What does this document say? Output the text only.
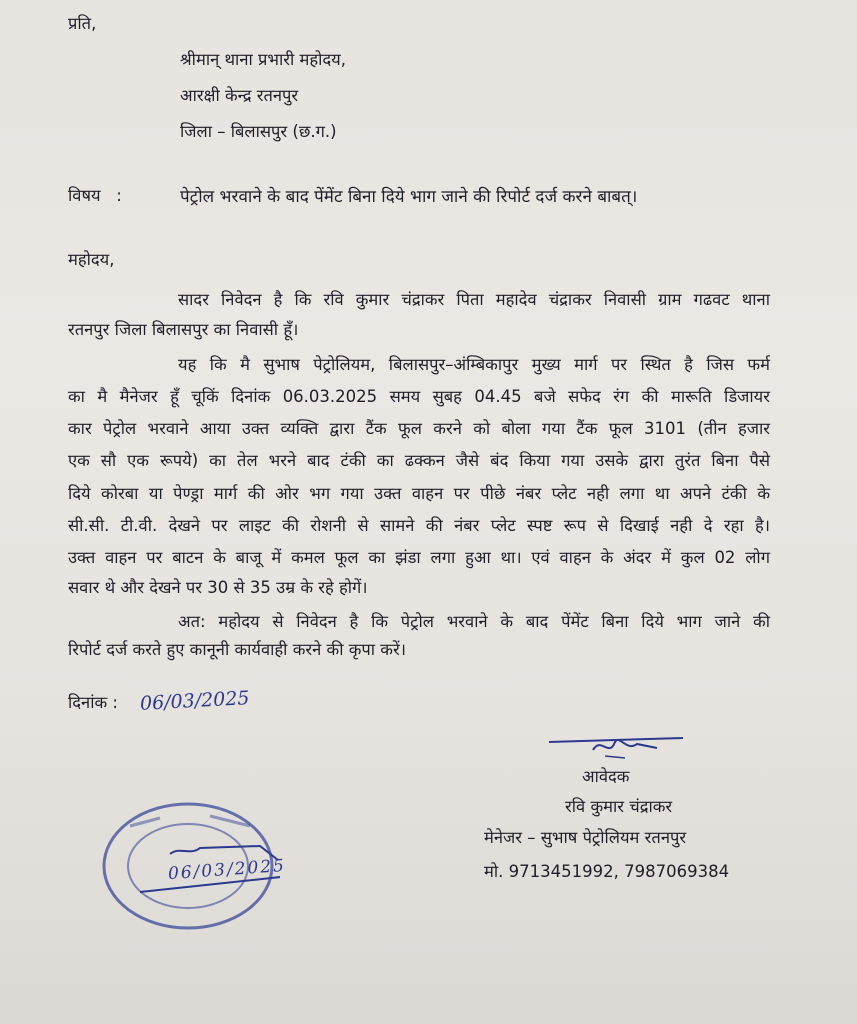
प्रति,
श्रीमान् थाना प्रभारी महोदय,
आरक्षी केन्द्र रतनपुर
जिला – बिलासपुर (छ.ग.)
विषय   :	पेट्रोल भरवाने के बाद पेंमेंट बिना दिये भाग जाने की रिपोर्ट दर्ज करने बाबत्।
महोदय,
सादर निवेदन है कि रवि कुमार चंद्राकर पिता महादेव चंद्राकर निवासी ग्राम गढवट थाना
रतनपुर जिला बिलासपुर का निवासी हूँ।
यह कि मै सुभाष पेट्रोलियम, बिलासपुर–अंम्बिकापुर मुख्य मार्ग पर स्थित है जिस फर्म
का मै मैनेजर हूँ चूकिं दिनांक 06.03.2025 समय सुबह 04.45 बजे सफेद रंग की मारूति डिजायर
कार पेट्रोल भरवाने आया उक्त व्यक्ति द्वारा टैंक फूल करने को बोला गया टैंक फूल 3101 (तीन हजार
एक सौ एक रूपये) का तेल भरने बाद टंकी का ढक्कन जैसे बंद किया गया उसके द्वारा तुरंत बिना पैसे
दिये कोरबा या पेण्ड्रा मार्ग की ओर भग गया उक्त वाहन पर पीछे नंबर प्लेट नही लगा था अपने टंकी के
सी.सी. टी.वी. देखने पर लाइट की रोशनी से सामने की नंबर प्लेट स्पष्ट रूप से दिखाई नही दे रहा है।
उक्त वाहन पर बाटन के बाजू में कमल फूल का झंडा लगा हुआ था। एवं वाहन के अंदर में कुल 02 लोग
सवार थे और देखने पर 30 से 35 उम्र के रहे होगें।
अत: महोदय से निवेदन है कि पेट्रोल भरवाने के बाद पेंमेंट बिना दिये भाग जाने की
रिपोर्ट दर्ज करते हुए कानूनी कार्यवाही करने की कृपा करें।
दिनांक : 06/03/2025
आवेदक
रवि कुमार चंद्राकर
मेनेजर – सुभाष पेट्रोलियम रतनपुर
मो. 9713451992, 7987069384
06/03/2025
